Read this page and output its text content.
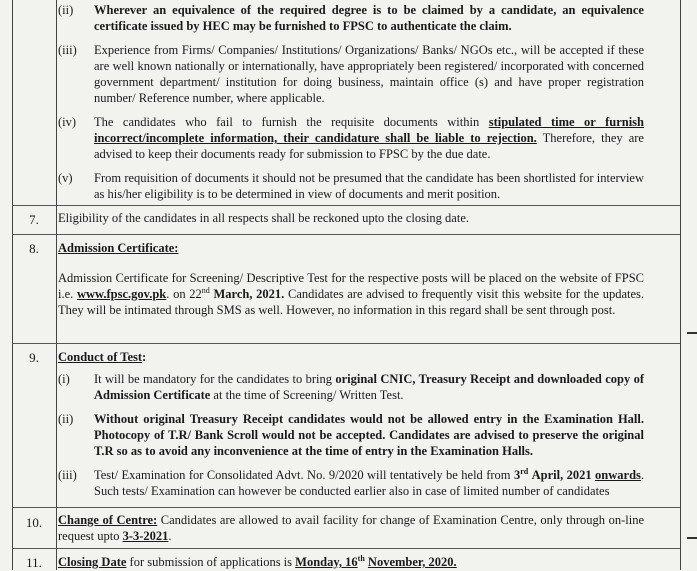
(ii) Wherever an equivalence of the required degree is to be claimed by a candidate, an equivalence certificate issued by HEC may be furnished to FPSC to authenticate the claim.

(iii) Experience from Firms/ Companies/ Institutions/ Organizations/ Banks/ NGOs etc., will be accepted if these are well known nationally or internationally, have appropriately been registered/ incorporated with concerned government department/ institution for doing business, maintain office (s) and have proper registration number/ Reference number, where applicable.

(iv) The candidates who fail to furnish the requisite documents within stipulated time or furnish incorrect/incomplete information, their candidature shall be liable to rejection. Therefore, they are advised to keep their documents ready for submission to FPSC by the due date.

(v) From requisition of documents it should not be presumed that the candidate has been shortlisted for interview as his/her eligibility is to be determined in view of documents and merit position.

7.	Eligibility of the candidates in all respects shall be reckoned upto the closing date.

8.	Admission Certificate:

Admission Certificate for Screening/ Descriptive Test for the respective posts will be placed on the website of FPSC i.e. www.fpsc.gov.pk. on 22nd March, 2021. Candidates are advised to frequently visit this website for the updates. They will be intimated through SMS as well. However, no information in this regard shall be sent through post.

9.	Conduct of Test:

(i) It will be mandatory for the candidates to bring original CNIC, Treasury Receipt and downloaded copy of Admission Certificate at the time of Screening/ Written Test.

(ii) Without original Treasury Receipt candidates would not be allowed entry in the Examination Hall. Photocopy of T.R/ Bank Scroll would not be accepted. Candidates are advised to preserve the original T.R so as to avoid any inconvenience at the time of entry in the Examination Halls.

(iii) Test/ Examination for Consolidated Advt. No. 9/2020 will tentatively be held from 3rd April, 2021 onwards. Such tests/ Examination can however be conducted earlier also in case of limited number of candidates

10.	Change of Centre: Candidates are allowed to avail facility for change of Examination Centre, only through on-line request upto 3-3-2021.

11.	Closing Date for submission of applications is Monday, 16th November, 2020.
